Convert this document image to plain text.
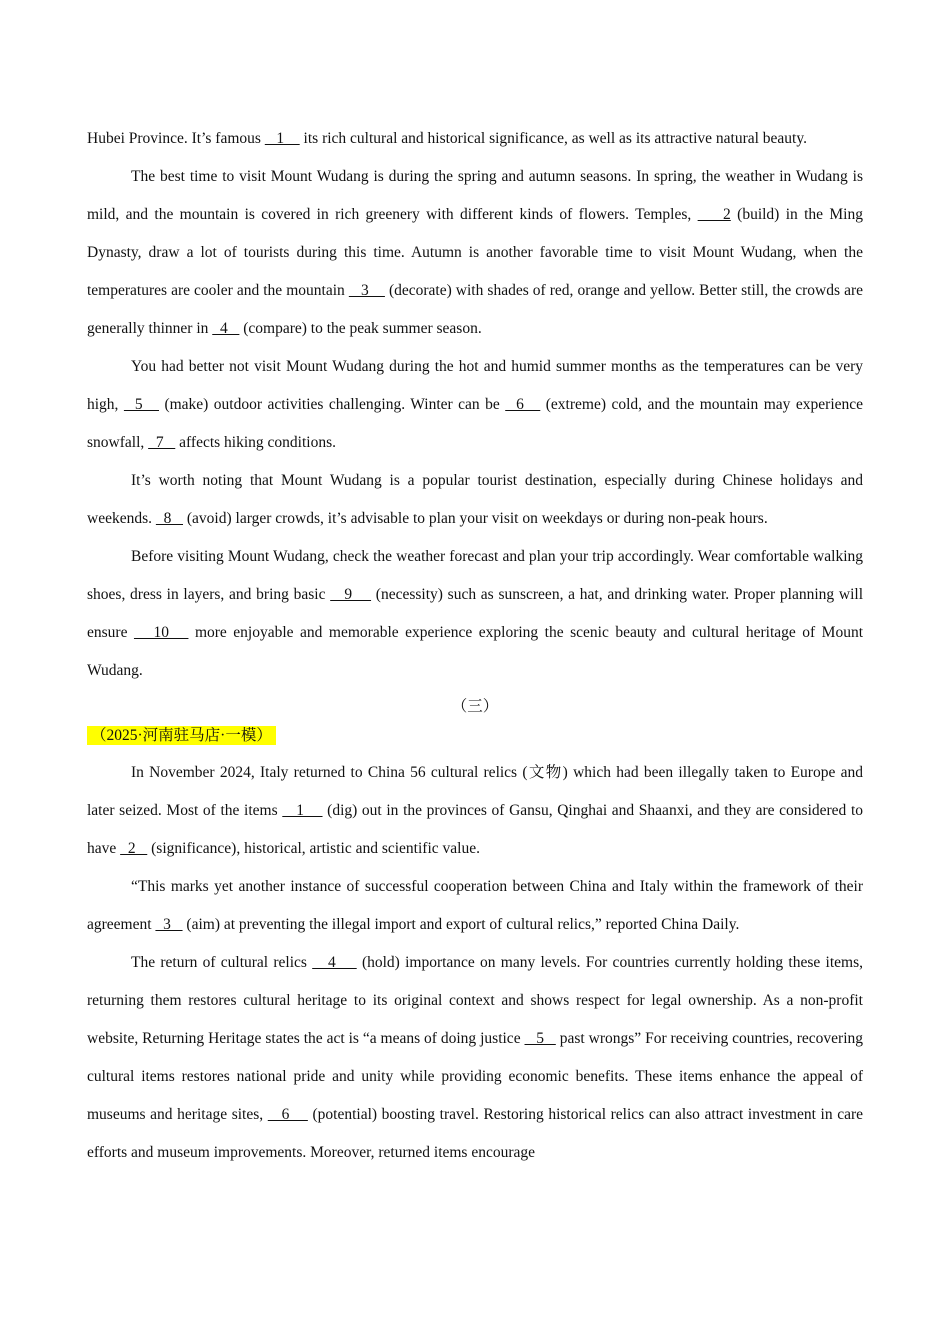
Hubei Province. It’s famous    1     its rich cultural and historical significance, as well as its attractive natural beauty.

The best time to visit Mount Wudang is during the spring and autumn seasons. In spring, the weather in Wudang is mild, and the mountain is covered in rich greenery with different kinds of flowers. Temples,     2 (build) in the Ming Dynasty, draw a lot of tourists during this time. Autumn is another favorable time to visit Mount Wudang, when the temperatures are cooler and the mountain    3     (decorate) with shades of red, orange and yellow. Better still, the crowds are generally thinner in   4    (compare) to the peak summer season.

You had better not visit Mount Wudang during the hot and humid summer months as the temperatures can be very high,   5    (make) outdoor activities challenging. Winter can be   6    (extreme) cold, and the mountain may experience snowfall,   7    affects hiking conditions.

It’s worth noting that Mount Wudang is a popular tourist destination, especially during Chinese holidays and weekends.   8    (avoid) larger crowds, it’s advisable to plan your visit on weekdays or during non-peak hours.

Before visiting Mount Wudang, check the weather forecast and plan your trip accordingly. Wear comfortable walking shoes, dress in layers, and bring basic    9     (necessity) such as sunscreen, a hat, and drinking water. Proper planning will ensure    10    more enjoyable and memorable experience exploring the scenic beauty and cultural heritage of Mount Wudang.

（三）

（2025·河南驻马店·一模）

In November 2024, Italy returned to China 56 cultural relics (文物) which had been illegally taken to Europe and later seized. Most of the items    1     (dig) out in the provinces of Gansu, Qinghai and Shaanxi, and they are considered to have   2    (significance), historical, artistic and scientific value.

“This marks yet another instance of successful cooperation between China and Italy within the framework of their agreement   3    (aim) at preventing the illegal import and export of cultural relics,” reported China Daily.

The return of cultural relics    4     (hold) importance on many levels. For countries currently holding these items, returning them restores cultural heritage to its original context and shows respect for legal ownership. As a non-profit website, Returning Heritage states the act is “a means of doing justice    5    past wrongs” For receiving countries, recovering cultural items restores national pride and unity while providing economic benefits. These items enhance the appeal of museums and heritage sites,    6     (potential) boosting travel. Restoring historical relics can also attract investment in care efforts and museum improvements. Moreover, returned items encourage
